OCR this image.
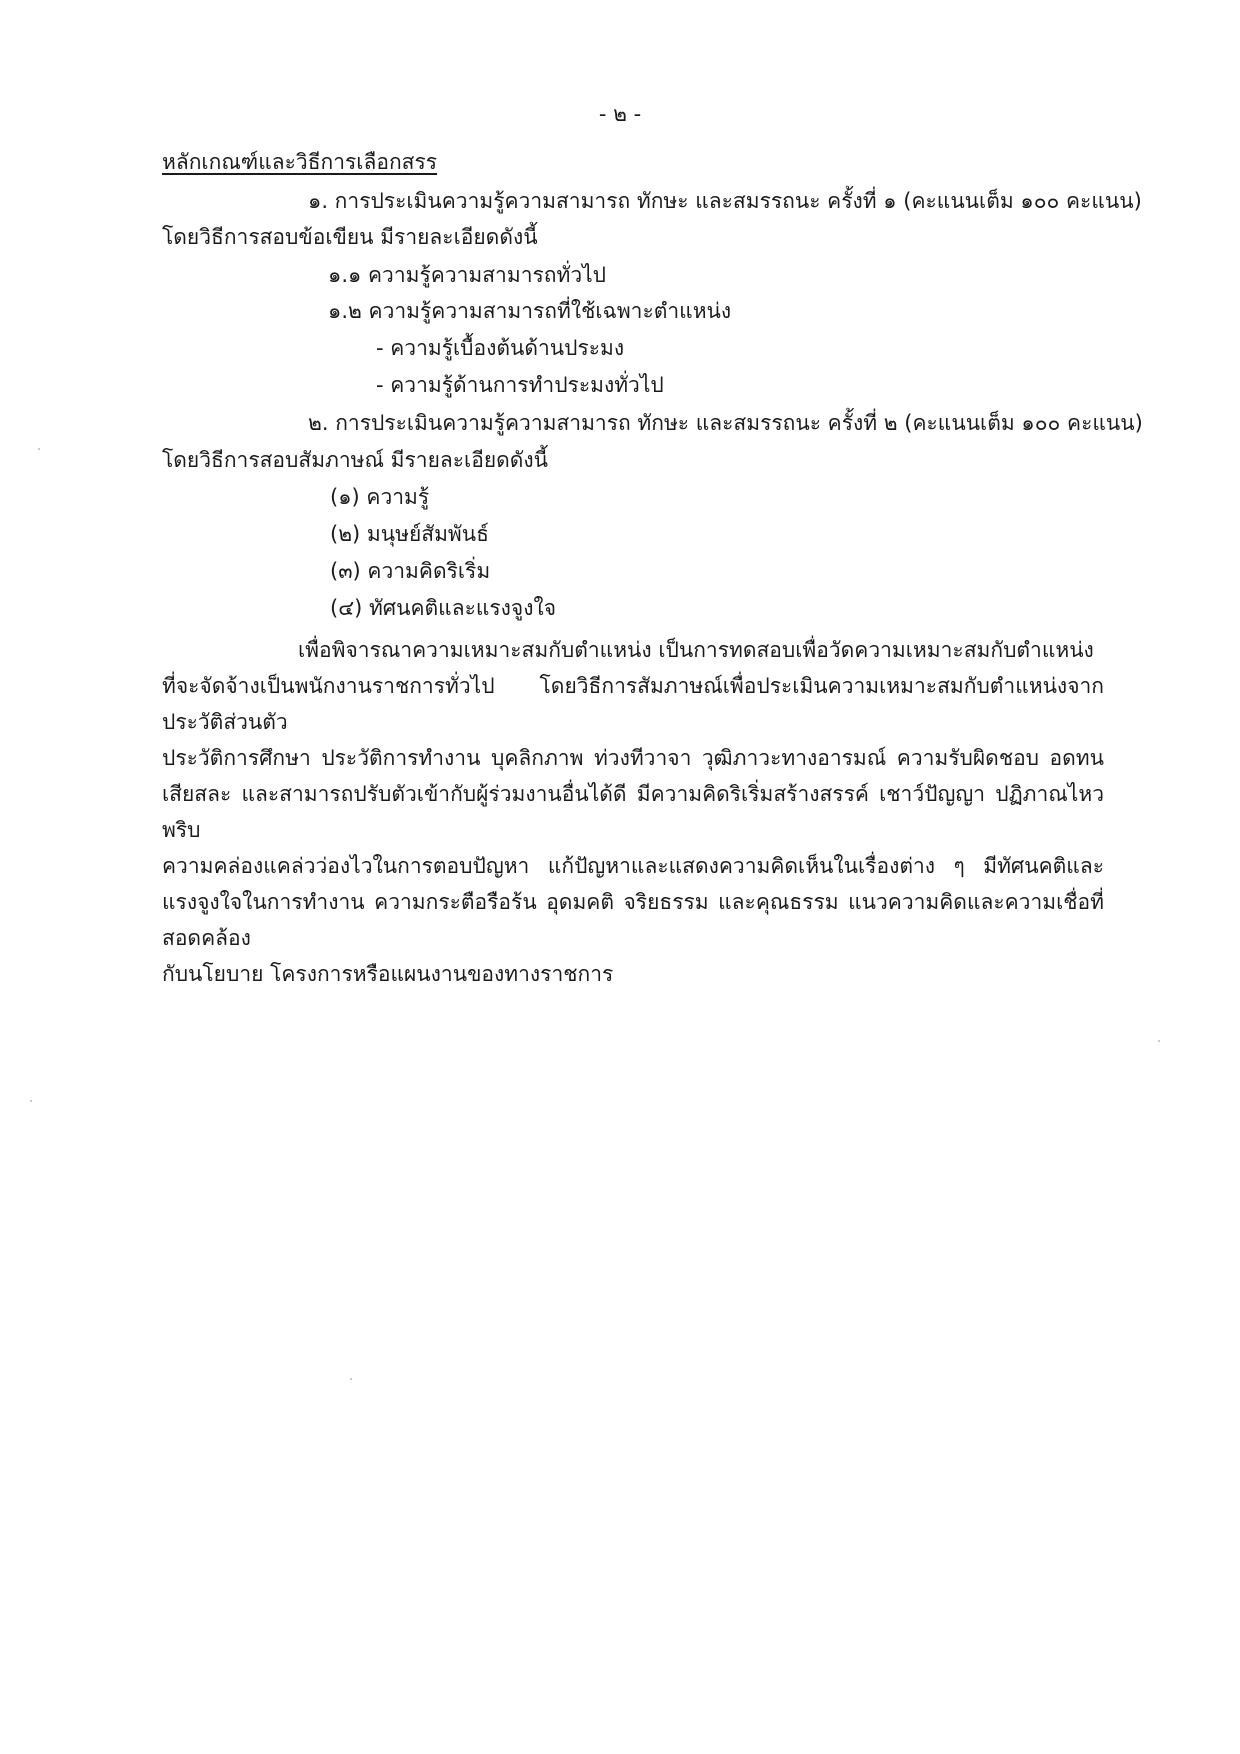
- ๒ -
หลักเกณฑ์และวิธีการเลือกสรร
๑. การประเมินความรู้ความสามารถ ทักษะ และสมรรถนะ ครั้งที่ ๑ (คะแนนเต็ม ๑๐๐ คะแนน)
โดยวิธีการสอบข้อเขียน มีรายละเอียดดังนี้
๑.๑ ความรู้ความสามารถทั่วไป
๑.๒ ความรู้ความสามารถที่ใช้เฉพาะตำแหน่ง
- ความรู้เบื้องต้นด้านประมง
- ความรู้ด้านการทำประมงทั่วไป
๒. การประเมินความรู้ความสามารถ ทักษะ และสมรรถนะ ครั้งที่ ๒ (คะแนนเต็ม ๑๐๐ คะแนน)
โดยวิธีการสอบสัมภาษณ์ มีรายละเอียดดังนี้
(๑) ความรู้
(๒) มนุษย์สัมพันธ์
(๓) ความคิดริเริ่ม
(๔) ทัศนคติและแรงจูงใจ
เพื่อพิจารณาความเหมาะสมกับตำแหน่ง เป็นการทดสอบเพื่อวัดความเหมาะสมกับตำแหน่ง
ที่จะจัดจ้างเป็นพนักงานราชการทั่วไป โดยวิธีการสัมภาษณ์เพื่อประเมินความเหมาะสมกับตำแหน่งจากประวัติส่วนตัว
ประวัติการศึกษา ประวัติการทำงาน บุคลิกภาพ ท่วงทีวาจา วุฒิภาวะทางอารมณ์ ความรับผิดชอบ อดทน
เสียสละ และสามารถปรับตัวเข้ากับผู้ร่วมงานอื่นได้ดี มีความคิดริเริ่มสร้างสรรค์ เชาว์ปัญญา ปฏิภาณไหวพริบ
ความคล่องแคล่วว่องไวในการตอบปัญหา แก้ปัญหาและแสดงความคิดเห็นในเรื่องต่าง ๆ มีทัศนคติและ
แรงจูงใจในการทำงาน ความกระตือรือร้น อุดมคติ จริยธรรม และคุณธรรม แนวความคิดและความเชื่อที่สอดคล้อง
กับนโยบาย โครงการหรือแผนงานของทางราชการ
